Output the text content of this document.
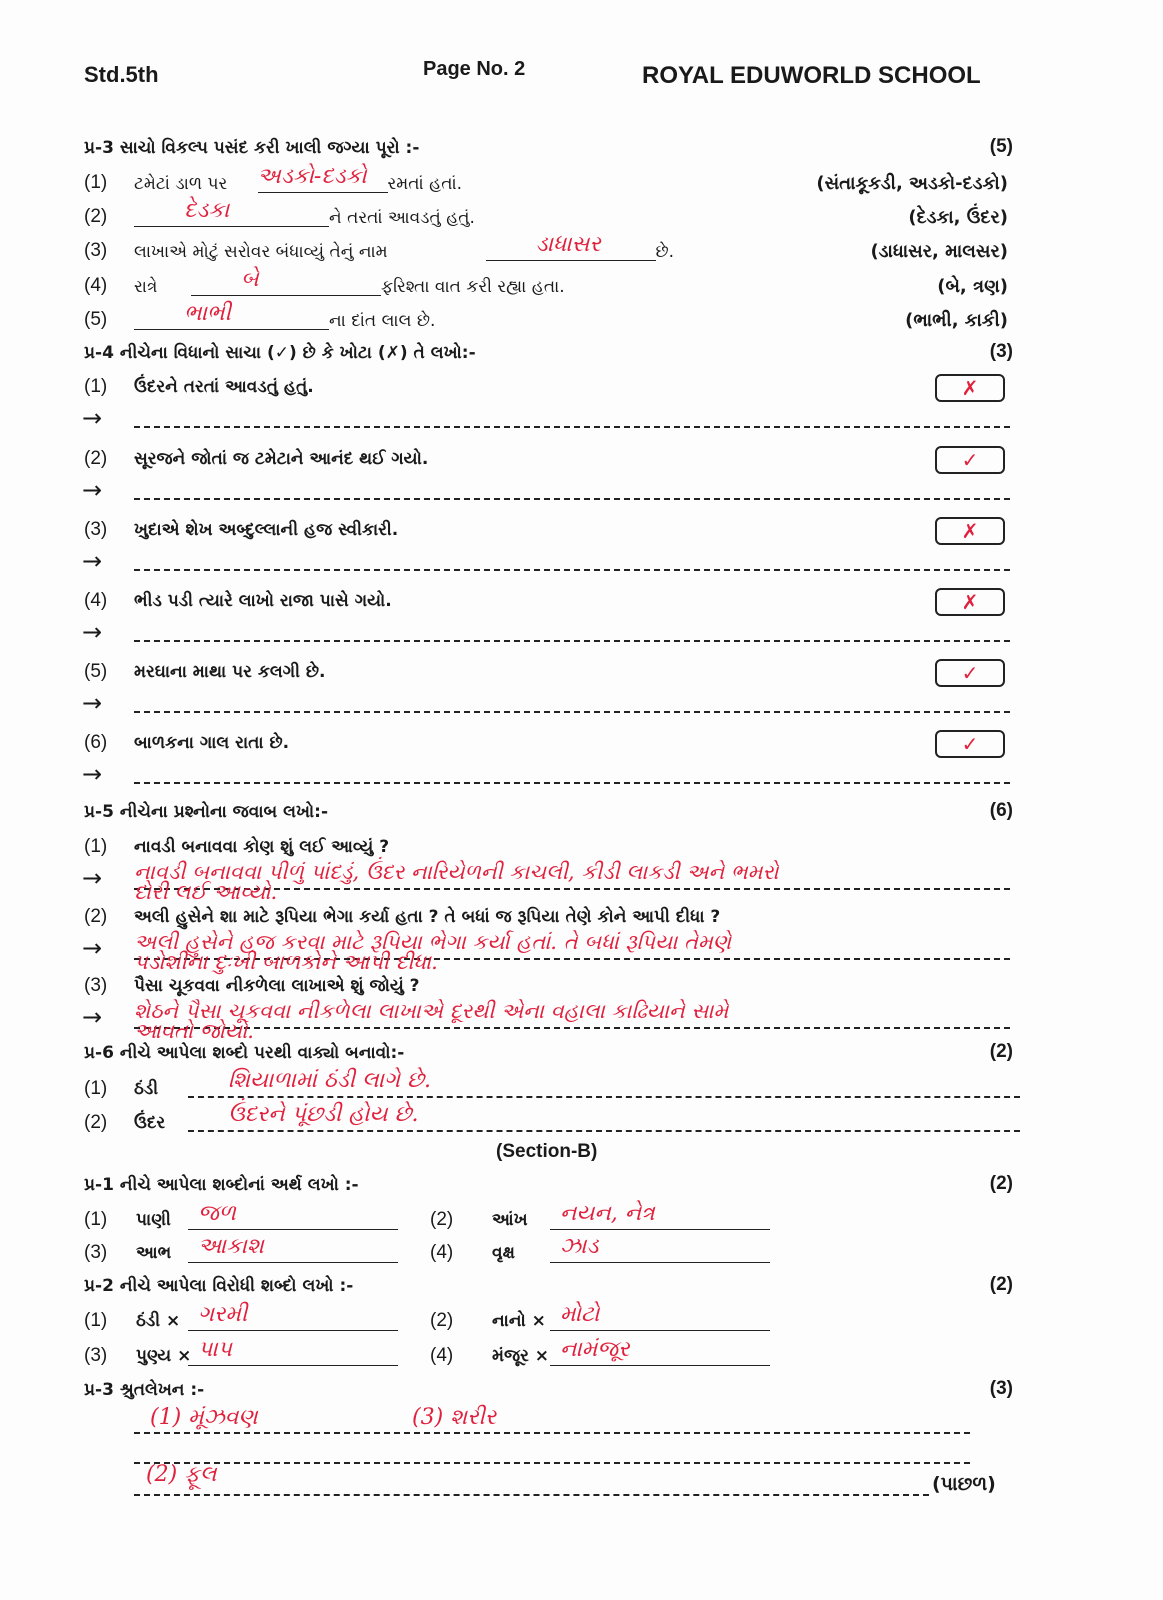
Std.5th	Page No. 2	ROYAL EDUWORLD SCHOOL
પ્ર-3 સાચો વિકલ્પ પસંદ કરી ખાલી જગ્યા પૂરો :-	(5)
(1) ટમેટાં ડાળ પર અડકો-દડકો રમતાં હતાં.	(સંતાકૂકડી, અડકો-દડકો)
(2)	દેડકા	ને તરતાં આવડતું હતું.	(દેડકા, ઉંદર)
(3) લાખાએ મોટું સરોવર બંધાવ્યું તેનું નામ	ડાધાસર	છે.	(ડાધાસર, માલસર)
(4) રાત્રે	બે	ફરિશ્તા વાત કરી રહ્યા હતા.	(બે, ત્રણ)
(5)	ભાભી	ના દાંત લાલ છે.	(ભાભી, કાકી)
પ્ર-4 નીચેના વિધાનો સાચા (✓) છે કે ખોટા (✗) તે લખો:-	(3)
(1) ઉંદરને તરતાં આવડતું હતું.	✗
→
(2) સૂરજને જોતાં જ ટમેટાને આનંદ થઈ ગયો.	✓
→
(3) ખુદાએ શેખ અબ્દુલ્લાની હજ સ્વીકારી.	✗
→
(4) ભીડ પડી ત્યારે લાખો રાજા પાસે ગયો.	✗
→
(5) મરઘાના માથા પર કલગી છે.	✓
→
(6) બાળકના ગાલ રાતા છે.	✓
→
પ્ર-5 નીચેના પ્રશ્નોના જવાબ લખો:-	(6)
(1) નાવડી બનાવવા કોણ શું લઈ આવ્યું ?
→ નાવડી બનાવવા પીળું પાંદડું, ઉંદર નારિયેળની કાચલી, કીડી લાકડી અને ભમરો
દોરી લઈ આવ્યો.
(2) અલી હુસેને શા માટે રૂપિયા ભેગા કર્યા હતા ? તે બધાં જ રૂપિયા તેણે કોને આપી દીધા ?
→ અલી હુસેને હજ કરવા માટે રૂપિયા ભેગા કર્યા હતાં. તે બધાં રૂપિયા તેમણે
પડોશીના દુઃખી બાળકોને આપી દીધા.
(3) પૈસા ચૂકવવા નીકળેલા લાખાએ શું જોયું ?
→ શેઠને પૈસા ચૂકવવા નીકળેલા લાખાએ દૂરથી એના વહાલા કાઢિયાને સામે
આવતો જોયો.
પ્ર-6 નીચે આપેલા શબ્દો પરથી વાક્યો બનાવો:-	(2)
(1) ઠંડી	શિયાળામાં ઠંડી લાગે છે.
(2) ઉંદર	ઉંદરને પૂંછડી હોય છે.
(Section-B)
પ્ર-1 નીચે આપેલા શબ્દોનાં અર્થ લખો :-	(2)
(1) પાણી જળ	(2) આંખ નયન, નેત્ર
(3) આભ આકાશ	(4) વૃક્ષ ઝાડ
પ્ર-2 નીચે આપેલા વિરોધી શબ્દો લખો :-	(2)
(1) ઠંડી × ગરમી	(2) નાનો × મોટો
(3) પુણ્ય × પાપ	(4) મંજૂર × નામંજૂર
પ્ર-3 શ્રુતલેખન :-	(3)
(1) મૂંઝવણ	(3) શરીર
(2) ફૂલ	(પાછળ)
